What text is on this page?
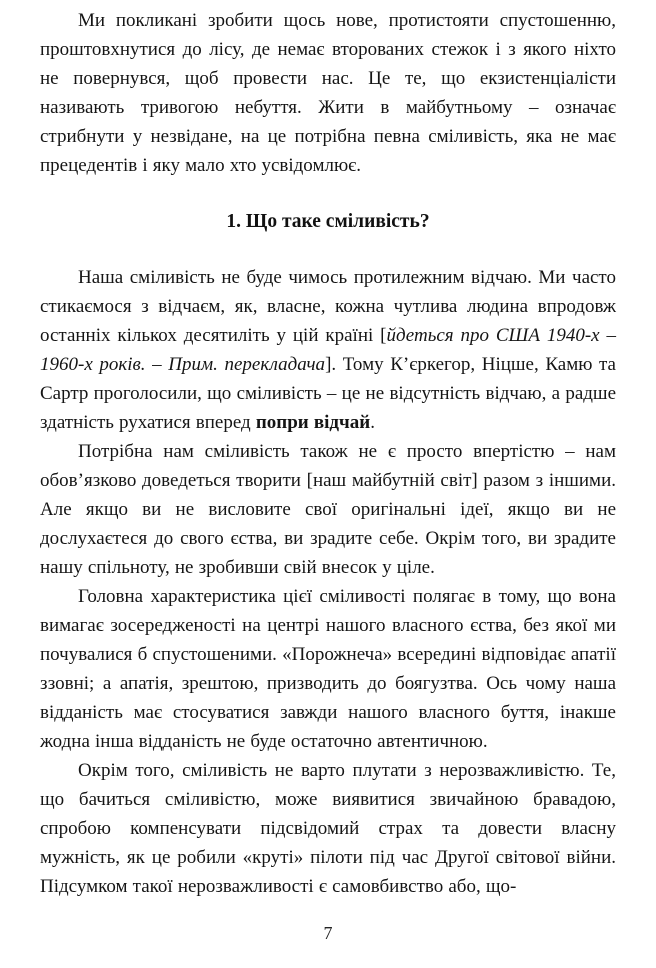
Ми покликані зробити щось нове, протистояти спустошенню, проштовхнутися до лісу, де немає второваних стежок і з якого ніхто не повернувся, щоб провести нас. Це те, що екзистенціалісти називають тривогою небуття. Жити в майбутньому – означає стрибнути у незвідане, на це потрібна певна сміливість, яка не має прецедентів і яку мало хто усвідомлює.

1. Що таке сміливість?

Наша сміливість не буде чимось протилежним відчаю. Ми часто стикаємося з відчаєм, як, власне, кожна чутлива людина впродовж останніх кількох десятиліть у цій країні [йдеться про США 1940-х – 1960-х років. – Прим. перекладача]. Тому К’єркегор, Ніцше, Камю та Сартр проголосили, що сміливість – це не відсутність відчаю, а радше здатність рухатися вперед попри відчай.

Потрібна нам сміливість також не є просто впертістю – нам обов’язково доведеться творити [наш майбутній світ] разом з іншими. Але якщо ви не висловите свої оригінальні ідеї, якщо ви не дослухаєтеся до свого єства, ви зрадите себе. Окрім того, ви зрадите нашу спільноту, не зробивши свій внесок у ціле.

Головна характеристика цієї сміливості полягає в тому, що вона вимагає зосередженості на центрі нашого власного єства, без якої ми почувалися б спустошеними. «Порожнеча» всередині відповідає апатії ззовні; а апатія, зрештою, призводить до боягузтва. Ось чому наша відданість має стосуватися завжди нашого власного буття, інакше жодна інша відданість не буде остаточно автентичною.

Окрім того, сміливість не варто плутати з нерозважливістю. Те, що бачиться сміливістю, може виявитися звичайною бравадою, спробою компенсувати підсвідомий страх та довести власну мужність, як це робили «круті» пілоти під час Другої світової війни. Підсумком такої нерозважливості є самовбивство або, що-

7
